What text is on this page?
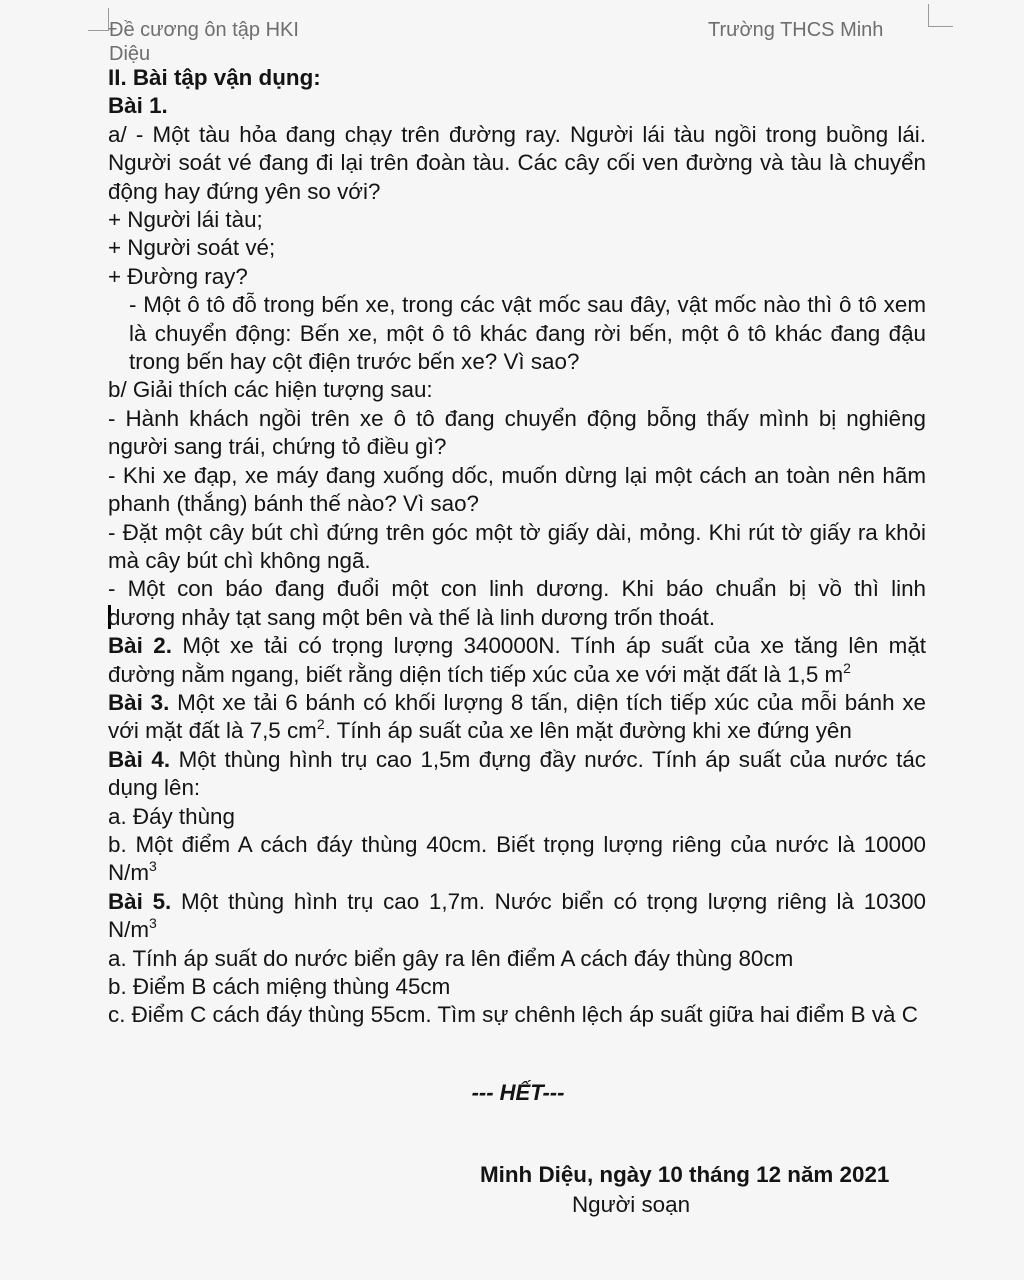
Đề cương ôn tập HKI
Diệu
Trường THCS Minh

II. Bài tập vận dụng:

Bài 1.

a/ - Một tàu hỏa đang chạy trên đường ray. Người lái tàu ngồi trong buồng lái. Người soát vé đang đi lại trên đoàn tàu. Các cây cối ven đường và tàu là chuyển động hay đứng yên so với?

+ Người lái tàu;

+ Người soát vé;

+ Đường ray?

- Một ô tô đỗ trong bến xe, trong các vật mốc sau đây, vật mốc nào thì ô tô xem là chuyển động: Bến xe, một ô tô khác đang rời bến, một ô tô khác đang đậu trong bến hay cột điện trước bến xe? Vì sao?

b/ Giải thích các hiện tượng sau:

- Hành khách ngồi trên xe ô tô đang chuyển động bỗng thấy mình bị nghiêng người sang trái, chứng tỏ điều gì?

- Khi xe đạp, xe máy đang xuống dốc, muốn dừng lại một cách an toàn nên hãm phanh (thắng) bánh thế nào? Vì sao?

- Đặt một cây bút chì đứng trên góc một tờ giấy dài, mỏng. Khi rút tờ giấy ra khỏi mà cây bút chì không ngã.

- Một con báo đang đuổi một con linh dương. Khi báo chuẩn bị vồ thì linh

dương nhảy tạt sang một bên và thế là linh dương trốn thoát.

Bài 2. Một xe tải có trọng lượng 340000N. Tính áp suất của xe tăng lên mặt đường nằm ngang, biết rằng diện tích tiếp xúc của xe với mặt đất là 1,5 $m^2$

Bài 3. Một xe tải 6 bánh có khối lượng 8 tấn, diện tích tiếp xúc của mỗi bánh xe với mặt đất là 7,5 $cm^2$. Tính áp suất của xe lên mặt đường khi xe đứng yên

Bài 4. Một thùng hình trụ cao 1,5m đựng đầy nước. Tính áp suất của nước tác dụng lên:

a. Đáy thùng

b. Một điểm A cách đáy thùng 40cm. Biết trọng lượng riêng của nước là 10000 $N/m^3$

Bài 5. Một thùng hình trụ cao 1,7m. Nước biển có trọng lượng riêng là 10300 $N/m^3$

a. Tính áp suất do nước biển gây ra lên điểm A cách đáy thùng 80cm

b. Điểm B cách miệng thùng 45cm

c. Điểm C cách đáy thùng 55cm. Tìm sự chênh lệch áp suất giữa hai điểm B và C

--- HẾT---
Minh Diệu, ngày 10 tháng 12 năm 2021
Người soạn
